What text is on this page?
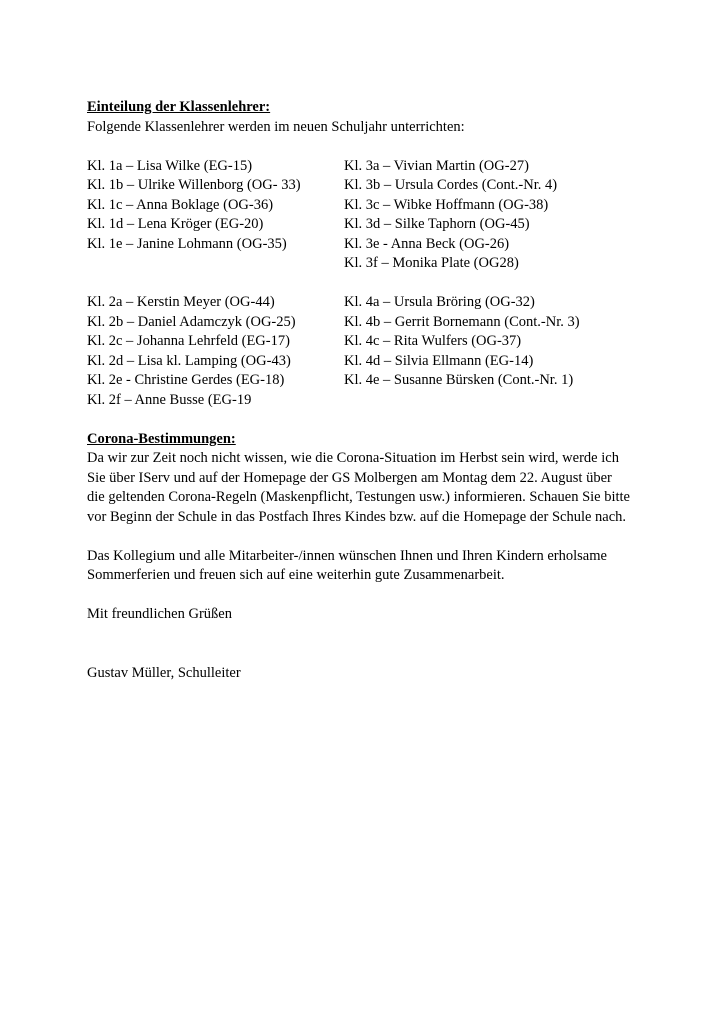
Einteilung der Klassenlehrer:
Folgende Klassenlehrer werden im neuen Schuljahr unterrichten:
Kl. 1a – Lisa Wilke (EG-15)
Kl. 1b – Ulrike Willenborg (OG- 33)
Kl. 1c – Anna Boklage (OG-36)
Kl. 1d – Lena Kröger (EG-20)
Kl. 1e – Janine Lohmann (OG-35)
Kl. 3a – Vivian Martin (OG-27)
Kl. 3b – Ursula Cordes (Cont.-Nr. 4)
Kl. 3c – Wibke Hoffmann (OG-38)
Kl. 3d – Silke Taphorn (OG-45)
Kl. 3e - Anna Beck (OG-26)
Kl. 3f – Monika Plate (OG28)
Kl. 2a – Kerstin Meyer (OG-44)
Kl. 2b – Daniel Adamczyk (OG-25)
Kl. 2c – Johanna Lehrfeld (EG-17)
Kl. 2d – Lisa kl. Lamping (OG-43)
Kl. 2e - Christine Gerdes (EG-18)
Kl. 2f – Anne Busse (EG-19
Kl. 4a – Ursula Bröring (OG-32)
Kl. 4b – Gerrit Bornemann (Cont.-Nr. 3)
Kl. 4c – Rita Wulfers (OG-37)
Kl. 4d – Silvia Ellmann (EG-14)
Kl. 4e – Susanne Bürsken (Cont.-Nr. 1)
Corona-Bestimmungen:
Da wir zur Zeit noch nicht wissen, wie die Corona-Situation im Herbst sein wird, werde ich
Sie über IServ und auf der Homepage der GS Molbergen am Montag dem 22. August über
die geltenden Corona-Regeln (Maskenpflicht, Testungen usw.) informieren. Schauen Sie bitte
vor Beginn der Schule in das Postfach Ihres Kindes bzw. auf die Homepage der Schule nach.
Das Kollegium und alle Mitarbeiter-/innen wünschen Ihnen und Ihren Kindern erholsame
Sommerferien und freuen sich auf eine weiterhin gute Zusammenarbeit.
Mit freundlichen Grüßen
Gustav Müller, Schulleiter
